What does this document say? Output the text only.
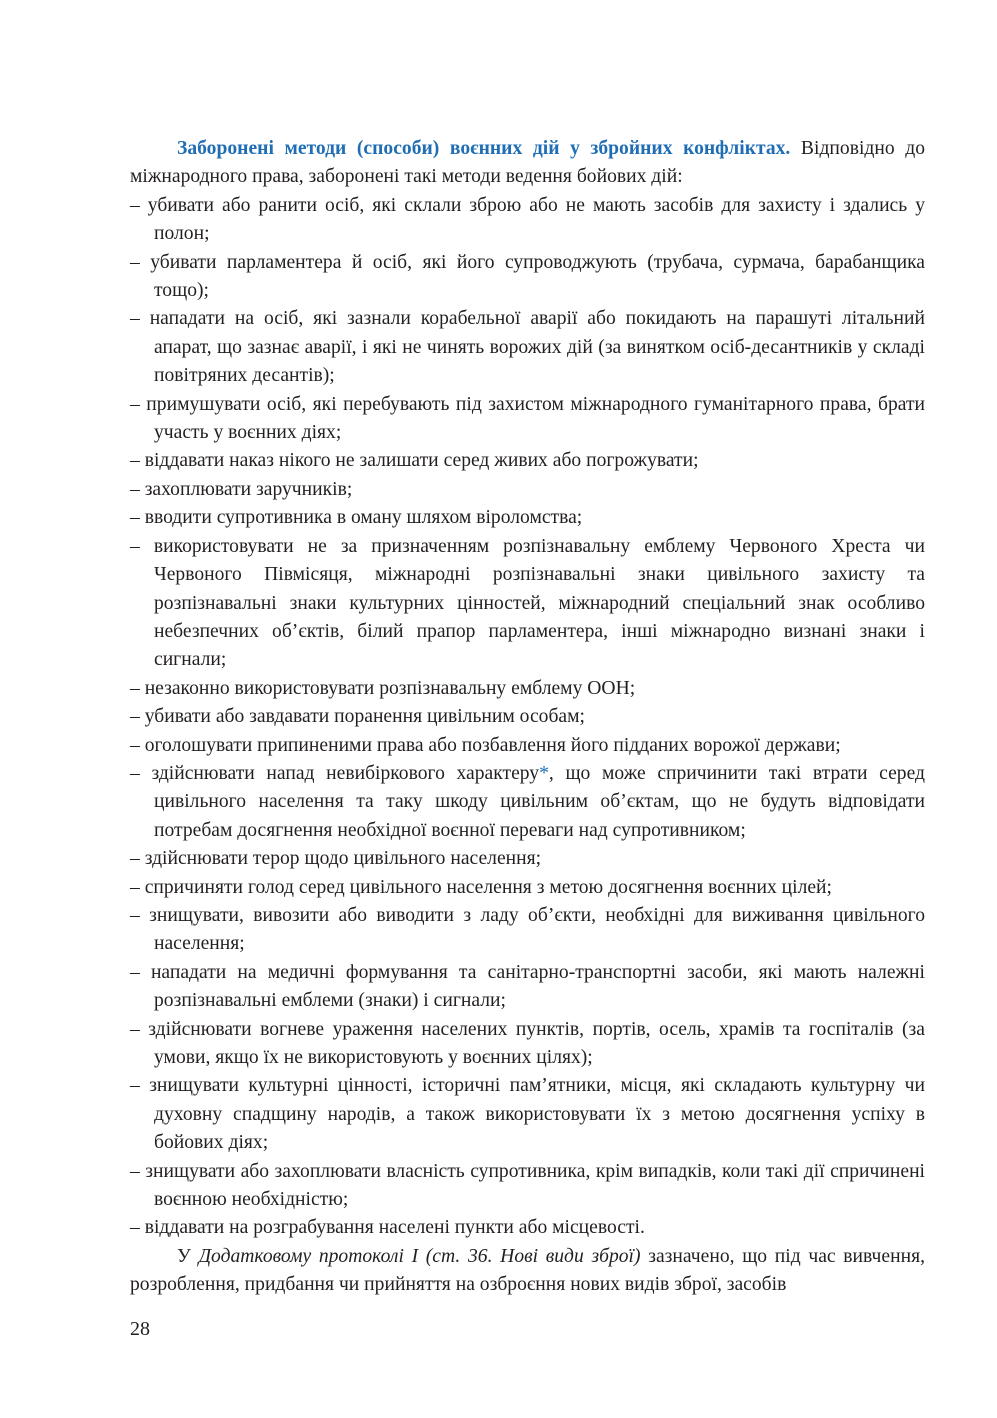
Заборонені методи (способи) воєнних дій у збройних конфліктах. Відповідно до міжнародного права, заборонені такі методи ведення бойових дій:

– убивати або ранити осіб, які склали зброю або не мають засобів для захисту і здались у полон;
– убивати парламентера й осіб, які його супроводжують (трубача, сурмача, барабанщика тощо);
– нападати на осіб, які зазнали корабельної аварії або покидають на парашуті літальний апарат, що зазнає аварії, і які не чинять ворожих дій (за винятком осіб-десантників у складі повітряних десантів);
– примушувати осіб, які перебувають під захистом міжнародного гуманітарного права, брати участь у воєнних діях;
– віддавати наказ нікого не залишати серед живих або погрожувати;
– захоплювати заручників;
– вводити супротивника в оману шляхом віроломства;
– використовувати не за призначенням розпізнавальну емблему Червоного Хреста чи Червоного Півмісяця, міжнародні розпізнавальні знаки цивільного захисту та розпізнавальні знаки культурних цінностей, міжнародний спеціальний знак особливо небезпечних об’єктів, білий прапор парламентера, інші міжнародно визнані знаки і сигнали;
– незаконно використовувати розпізнавальну емблему ООН;
– убивати або завдавати поранення цивільним особам;
– оголошувати припиненими права або позбавлення його підданих ворожої держави;
– здійснювати напад невибіркового характеру*, що може спричинити такі втрати серед цивільного населення та таку шкоду цивільним об’єктам, що не будуть відповідати потребам досягнення необхідної воєнної переваги над супротивником;
– здійснювати терор щодо цивільного населення;
– спричиняти голод серед цивільного населення з метою досягнення воєнних цілей;
– знищувати, вивозити або виводити з ладу об’єкти, необхідні для виживання цивільного населення;
– нападати на медичні формування та санітарно-транспортні засоби, які мають належні розпізнавальні емблеми (знаки) і сигнали;
– здійснювати вогневе ураження населених пунктів, портів, осель, храмів та госпіталів (за умови, якщо їх не використовують у воєнних цілях);
– знищувати культурні цінності, історичні пам’ятники, місця, які складають культурну чи духовну спадщину народів, а також використовувати їх з метою досягнення успіху в бойових діях;
– знищувати або захоплювати власність супротивника, крім випадків, коли такі дії спричинені воєнною необхідністю;
– віддавати на розграбування населені пункти або місцевості.

У Додатковому протоколі І (ст. 36. Нові види зброї) зазначено, що під час вивчення, розроблення, придбання чи прийняття на озброєння нових видів зброї, засобів

28
